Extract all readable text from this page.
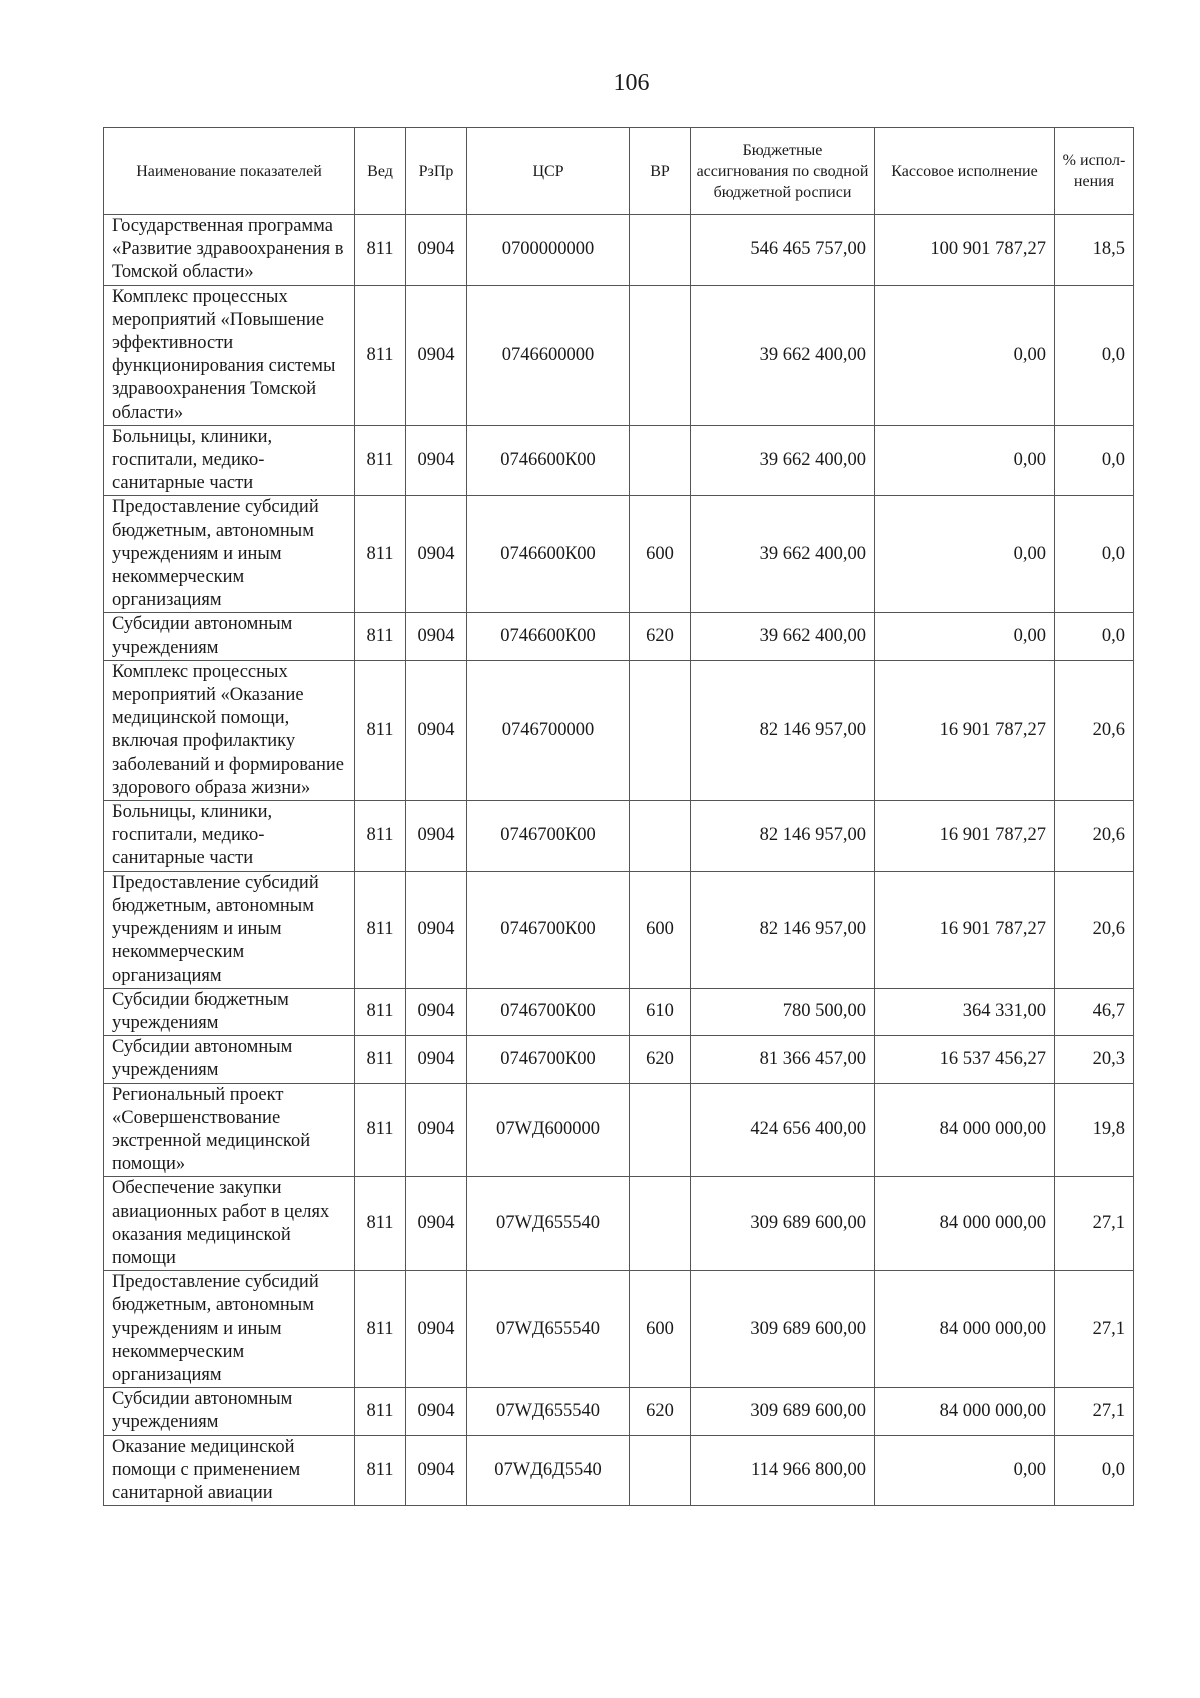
106
Наименование показателей	Вед	РзПр	ЦСР	ВР	Бюджетные ассигнования по сводной бюджетной росписи	Кассовое исполнение	% испол- нения
Государственная программа «Развитие здравоохранения в Томской области»	811	0904	0700000000		546 465 757,00	100 901 787,27	18,5
Комплекс процессных мероприятий «Повышение эффективности функционирования системы здравоохранения Томской области»	811	0904	0746600000		39 662 400,00	0,00	0,0
Больницы, клиники, госпитали, медико-санитарные части	811	0904	0746600К00		39 662 400,00	0,00	0,0
Предоставление субсидий бюджетным, автономным учреждениям и иным некоммерческим организациям	811	0904	0746600К00	600	39 662 400,00	0,00	0,0
Субсидии автономным учреждениям	811	0904	0746600К00	620	39 662 400,00	0,00	0,0
Комплекс процессных мероприятий «Оказание медицинской помощи, включая профилактику заболеваний и формирование здорового образа жизни»	811	0904	0746700000		82 146 957,00	16 901 787,27	20,6
Больницы, клиники, госпитали, медико-санитарные части	811	0904	0746700К00		82 146 957,00	16 901 787,27	20,6
Предоставление субсидий бюджетным, автономным учреждениям и иным некоммерческим организациям	811	0904	0746700К00	600	82 146 957,00	16 901 787,27	20,6
Субсидии бюджетным учреждениям	811	0904	0746700К00	610	780 500,00	364 331,00	46,7
Субсидии автономным учреждениям	811	0904	0746700К00	620	81 366 457,00	16 537 456,27	20,3
Региональный проект «Совершенствование экстренной медицинской помощи»	811	0904	07WД600000		424 656 400,00	84 000 000,00	19,8
Обеспечение закупки авиационных работ в целях оказания медицинской помощи	811	0904	07WД655540		309 689 600,00	84 000 000,00	27,1
Предоставление субсидий бюджетным, автономным учреждениям и иным некоммерческим организациям	811	0904	07WД655540	600	309 689 600,00	84 000 000,00	27,1
Субсидии автономным учреждениям	811	0904	07WД655540	620	309 689 600,00	84 000 000,00	27,1
Оказание медицинской помощи с применением санитарной авиации	811	0904	07WД6Д5540		114 966 800,00	0,00	0,0
